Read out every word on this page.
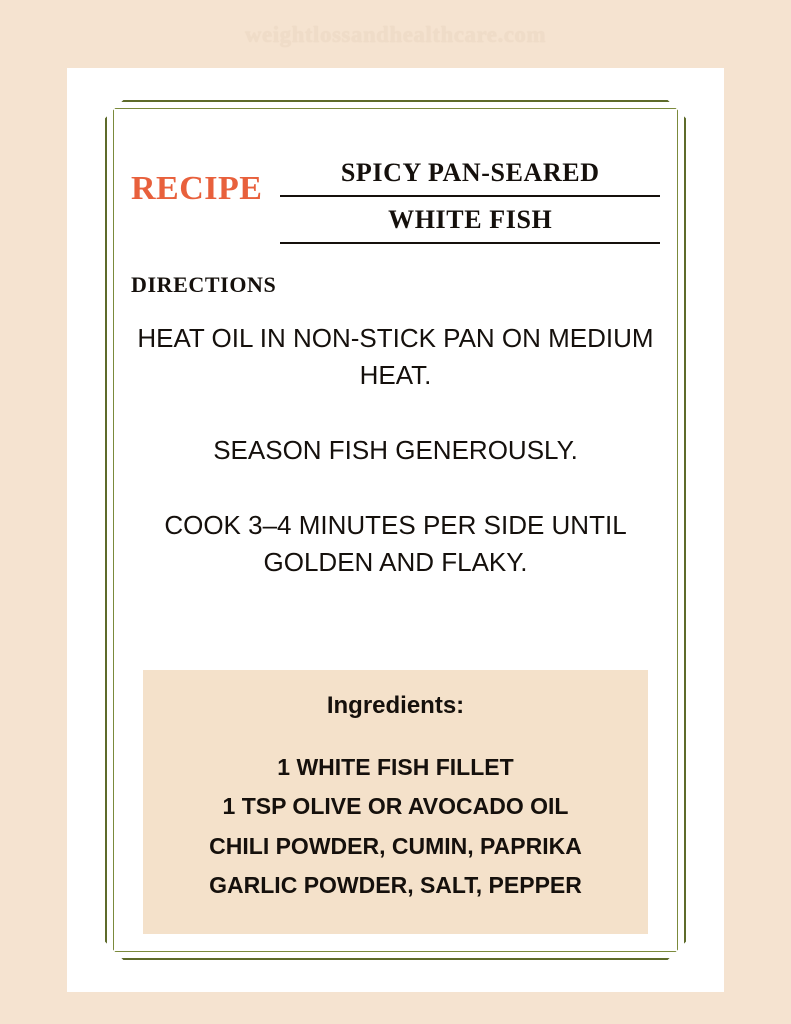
weightlossandhealthcare.com
RECIPE	SPICY PAN-SEARED
WHITE FISH
DIRECTIONS
HEAT OIL IN NON-STICK PAN ON MEDIUM HEAT.
SEASON FISH GENEROUSLY.
COOK 3–4 MINUTES PER SIDE UNTIL GOLDEN AND FLAKY.
Ingredients:
1 WHITE FISH FILLET
1 TSP OLIVE OR AVOCADO OIL
CHILI POWDER, CUMIN, PAPRIKA
GARLIC POWDER, SALT, PEPPER
